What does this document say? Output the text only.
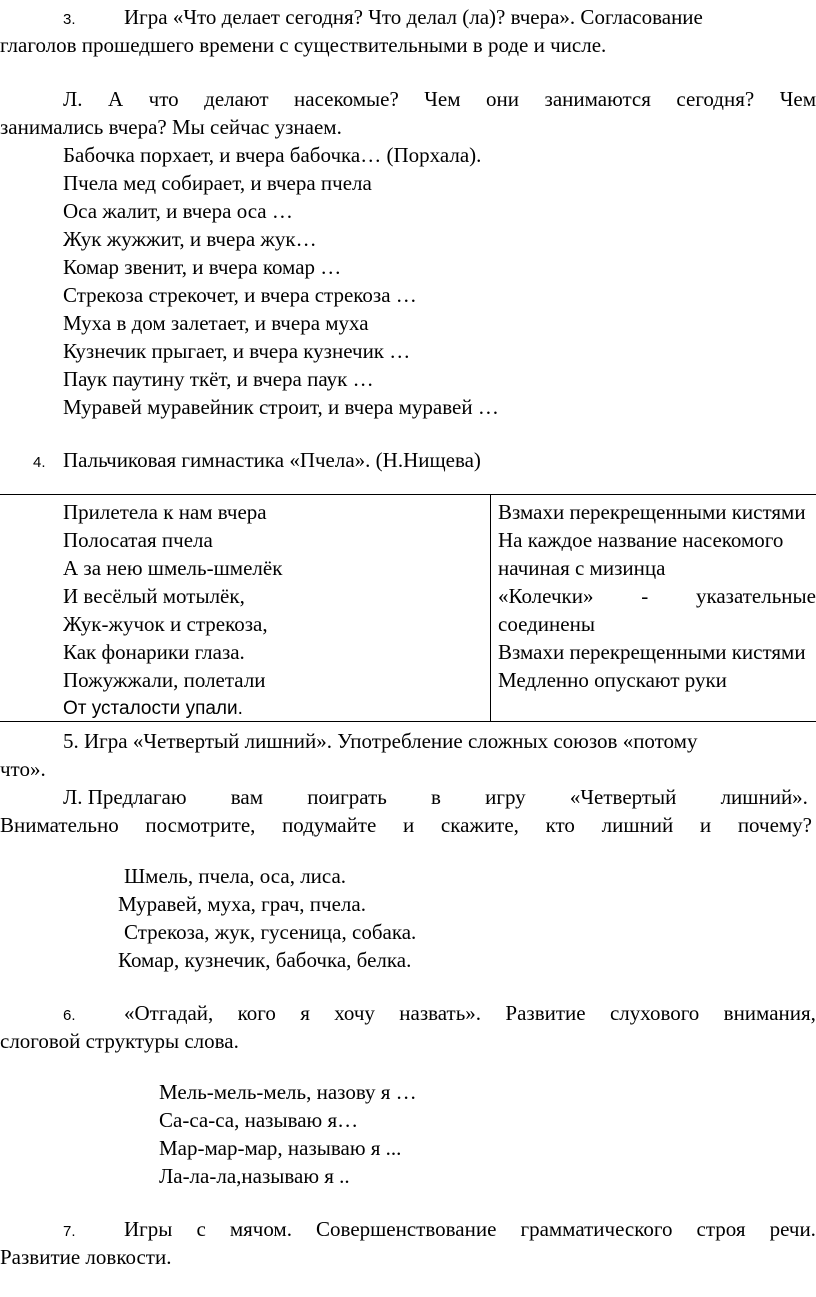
3. Игра «Что делает сегодня? Что делал (ла)? вчера». Согласование
глаголов прошедшего времени с существительными в роде и числе.
Л. А что делают насекомые? Чем они занимаются сегодня? Чем
занимались вчера? Мы сейчас узнаем.
Бабочка порхает, и вчера бабочка… (Порхала).
Пчела мед собирает, и вчера пчела
Оса жалит, и вчера оса …
Жук жужжит, и вчера жук…
Комар звенит, и вчера комар …
Стрекоза стрекочет, и вчера стрекоза …
Муха в дом залетает, и вчера муха
Кузнечик прыгает, и вчера кузнечик …
Паук паутину ткёт, и вчера паук …
Муравей муравейник строит, и вчера муравей …
4. Пальчиковая гимнастика «Пчела». (Н.Нищева)
Прилетела к нам вчера
Полосатая пчела
А за нею шмель-шмелёк
И весёлый мотылёк,
Жук-жучок и стрекоза,
Как фонарики глаза.
Пожужжали, полетали
От усталости упали.
Взмахи перекрещенными кистями
На каждое название насекомого
начиная с мизинца
«Колечки» - указательные
соединены
Взмахи перекрещенными кистями
Медленно опускают руки
5. Игра «Четвертый лишний». Употребление сложных союзов «потому
что».
Л. Предлагаю вам поиграть в игру «Четвертый лишний».
Внимательно посмотрите, подумайте и скажите, кто лишний и почему?
Шмель, пчела, оса, лиса.
Муравей, муха, грач, пчела.
Стрекоза, жук, гусеница, собака.
Комар, кузнечик, бабочка, белка.
6. «Отгадай, кого я хочу назвать». Развитие слухового внимания,
слоговой структуры слова.
Мель-мель-мель, назову я …
Са-са-са, называю я…
Мар-мар-мар, называю я ...
Ла-ла-ла,называю я ..
7. Игры с мячом. Совершенствование грамматического строя речи.
Развитие ловкости.
